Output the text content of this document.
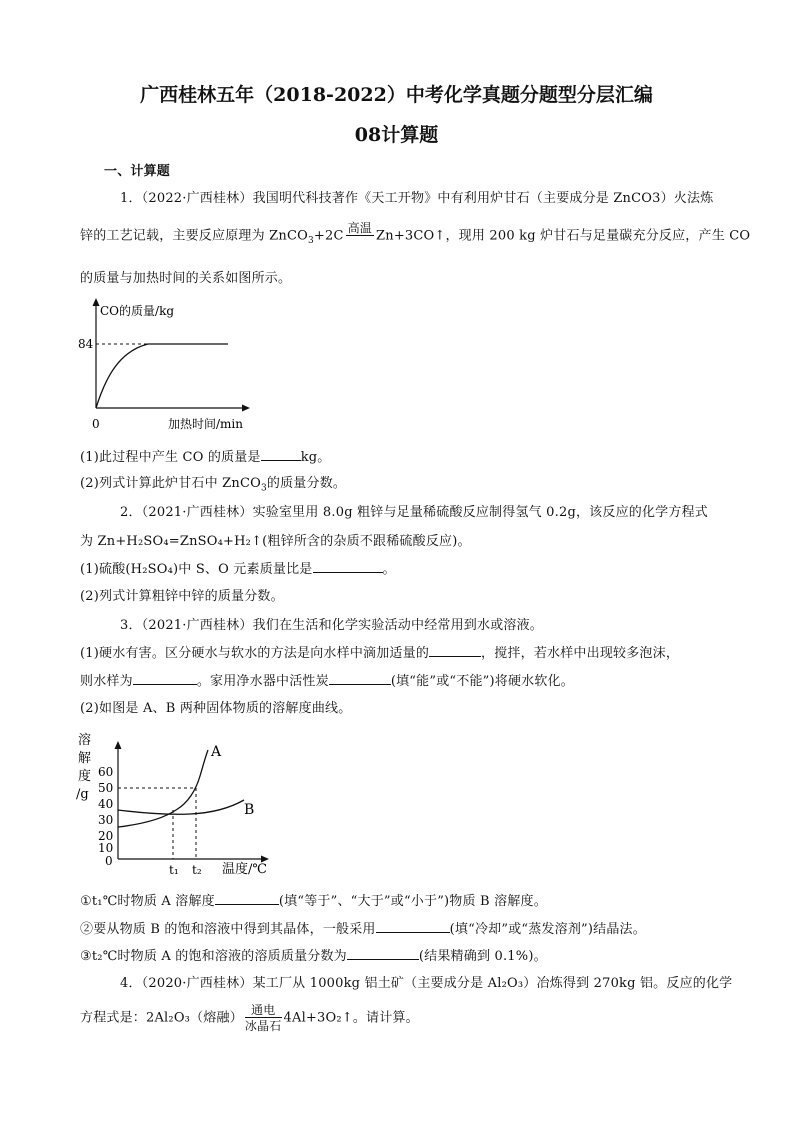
广西桂林五年（2018-2022）中考化学真题分题型分层汇编
08计算题
一、计算题
1．（2022·广西桂林）我国明代科技著作《天工开物》中有利用炉甘石（主要成分是 ZnCO3）火法炼
锌的工艺记载，主要反应原理为 ZnCO$_3$+2C
高温

Zn+3CO↑，现用 200 kg 炉甘石与足量碳充分反应，产生 CO
的质量与加热时间的关系如图所示。
CO的质量/kg
84
0	加热时间/min
(1)此过程中产生 CO 的质量是	kg。
(2)列式计算此炉甘石中 ZnCO$_3$的质量分数。
2．（2021·广西桂林）实验室里用 8.0g 粗锌与足量稀硫酸反应制得氢气 0.2g，该反应的化学方程式
为 Zn+H₂SO₄=ZnSO₄+H₂↑(粗锌所含的杂质不跟稀硫酸反应)。
(1)硫酸(H₂SO₄)中 S、O 元素质量比是	。
(2)列式计算粗锌中锌的质量分数。
3．（2021·广西桂林）我们在生活和化学实验活动中经常用到水或溶液。
(1)硬水有害。区分硬水与软水的方法是向水样中滴加适量的	，搅拌，若水样中出现较多泡沫，
则水样为	。家用净水器中活性炭	(填“能”或“不能”)将硬水软化。
(2)如图是 A、B 两种固体物质的溶解度曲线。
溶
解
度
/g
60
50
40
30
20
10
0
A
B
t₁ t₂ 温度/℃
①t₁℃时物质 A 溶解度	(填“等于”、“大于”或“小于”)物质 B 溶解度。
②要从物质 B 的饱和溶液中得到其晶体，一般采用	(填“冷却”或“蒸发溶剂”)结晶法。
③t₂℃时物质 A 的饱和溶液的溶质质量分数为	(结果精确到 0.1%)。
4．（2020·广西桂林）某工厂从 1000kg 铝土矿（主要成分是 Al₂O₃）冶炼得到 270kg 铝。反应的化学
方程式是：2Al₂O₃（熔融） $\frac{\text{通电}}{\text{冰晶石}}$ 4Al+3O₂↑。请计算。
